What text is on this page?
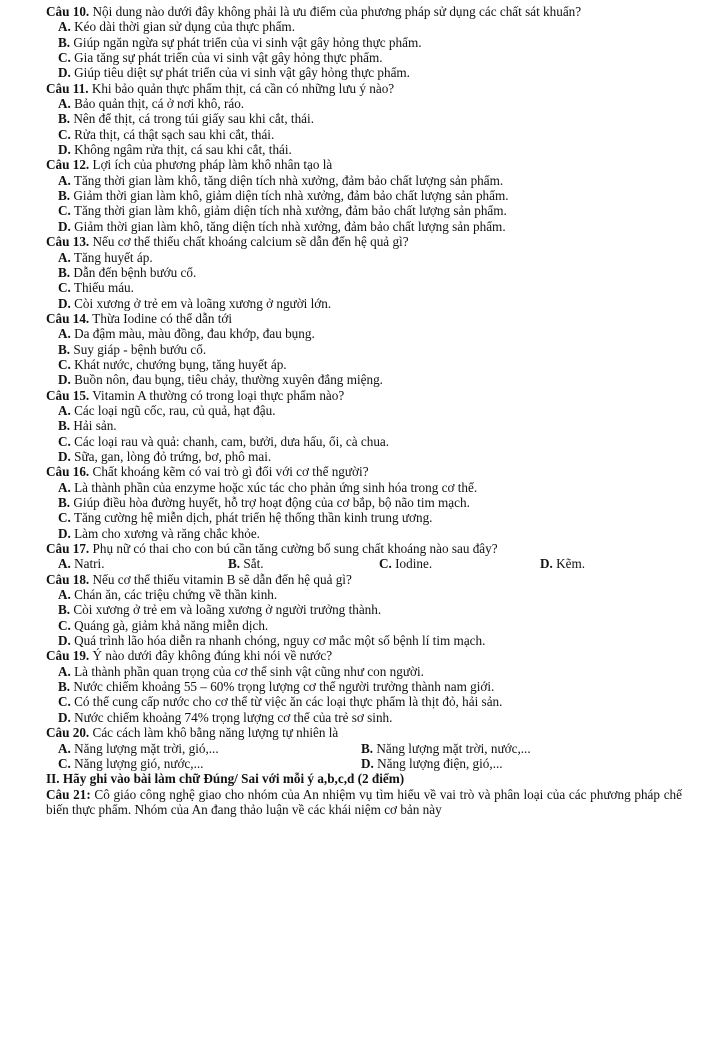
Câu 10. Nội dung nào dưới đây không phải là ưu điểm của phương pháp sử dụng các chất sát khuẩn?
A. Kéo dài thời gian sử dụng của thực phẩm.
B. Giúp ngăn ngừa sự phát triển của vi sinh vật gây hỏng thực phẩm.
C. Gia tăng sự phát triển của vi sinh vật gây hỏng thực phẩm.
D. Giúp tiêu diệt sự phát triển của vi sinh vật gây hỏng thực phẩm.
Câu 11. Khi bảo quản thực phẩm thịt, cá cần có những lưu ý nào?
A. Bảo quản thịt, cá ở nơi khô, ráo.
B. Nên để thịt, cá trong túi giấy sau khi cắt, thái.
C. Rửa thịt, cá thật sạch sau khi cắt, thái.
D. Không ngâm rửa thịt, cá sau khi cắt, thái.
Câu 12. Lợi ích của phương pháp làm khô nhân tạo là
A. Tăng thời gian làm khô, tăng diện tích nhà xưởng, đảm bảo chất lượng sản phẩm.
B. Giảm thời gian làm khô, giảm diện tích nhà xưởng, đảm bảo chất lượng sản phẩm.
C. Tăng thời gian làm khô, giảm diện tích nhà xưởng, đảm bảo chất lượng sản phẩm.
D. Giảm thời gian làm khô, tăng diện tích nhà xưởng, đảm bảo chất lượng sản phẩm.
Câu 13. Nếu cơ thể thiếu chất khoáng calcium sẽ dẫn đến hệ quả gì?
A. Tăng huyết áp.
B. Dẫn đến bệnh bướu cổ.
C. Thiếu máu.
D. Còi xương ở trẻ em và loãng xương ở người lớn.
Câu 14. Thừa Iodine có thể dẫn tới
A. Da đậm màu, màu đồng, đau khớp, đau bụng.
B. Suy giáp - bệnh bướu cổ.
C. Khát nước, chướng bụng, tăng huyết áp.
D. Buồn nôn, đau bụng, tiêu chảy, thường xuyên đắng miệng.
Câu 15. Vitamin A thường có trong loại thực phẩm nào?
A. Các loại ngũ cốc, rau, củ quả, hạt đậu.
B. Hải sản.
C. Các loại rau và quả: chanh, cam, bưởi, dưa hấu, ổi, cà chua.
D. Sữa, gan, lòng đỏ trứng, bơ, phô mai.
Câu 16. Chất khoáng kẽm có vai trò gì đối với cơ thể người?
A. Là thành phần của enzyme hoặc xúc tác cho phản ứng sinh hóa trong cơ thể.
B. Giúp điều hòa đường huyết, hỗ trợ hoạt động của cơ bắp, bộ não tim mạch.
C. Tăng cường hệ miễn dịch, phát triển hệ thống thần kinh trung ương.
D. Làm cho xương và răng chắc khỏe.
Câu 17. Phụ nữ có thai cho con bú cần tăng cường bổ sung chất khoáng nào sau đây?
A. Natri.	B. Sắt.	C. Iodine.	D. Kẽm.
Câu 18. Nếu cơ thể thiếu vitamin B sẽ dẫn đến hệ quả gì?
A. Chán ăn, các triệu chứng về thần kinh.
B. Còi xương ở trẻ em và loãng xương ở người trưởng thành.
C. Quáng gà, giảm khả năng miễn dịch.
D. Quá trình lão hóa diễn ra nhanh chóng, nguy cơ mắc một số bệnh lí tim mạch.
Câu 19. Ý nào dưới đây không đúng khi nói về nước?
A. Là thành phần quan trọng của cơ thể sinh vật cũng như con người.
B. Nước chiếm khoảng 55 – 60% trọng lượng cơ thể người trưởng thành nam giới.
C. Có thể cung cấp nước cho cơ thể từ việc ăn các loại thực phẩm là thịt đỏ, hải sản.
D. Nước chiếm khoảng 74% trọng lượng cơ thể của trẻ sơ sinh.
Câu 20. Các cách làm khô bằng năng lượng tự nhiên là
A. Năng lượng mặt trời, gió,...	B. Năng lượng mặt trời, nước,...
C. Năng lượng gió, nước,...	D. Năng lượng điện, gió,...
II. Hãy ghi vào bài làm chữ Đúng/ Sai với mỗi ý a,b,c,d (2 điểm)
Câu 21: Cô giáo công nghệ giao cho nhóm của An nhiệm vụ tìm hiểu về vai trò và phân loại của các phương pháp chế biến thực phẩm. Nhóm của An đang thảo luận về các khái niệm cơ bản này
